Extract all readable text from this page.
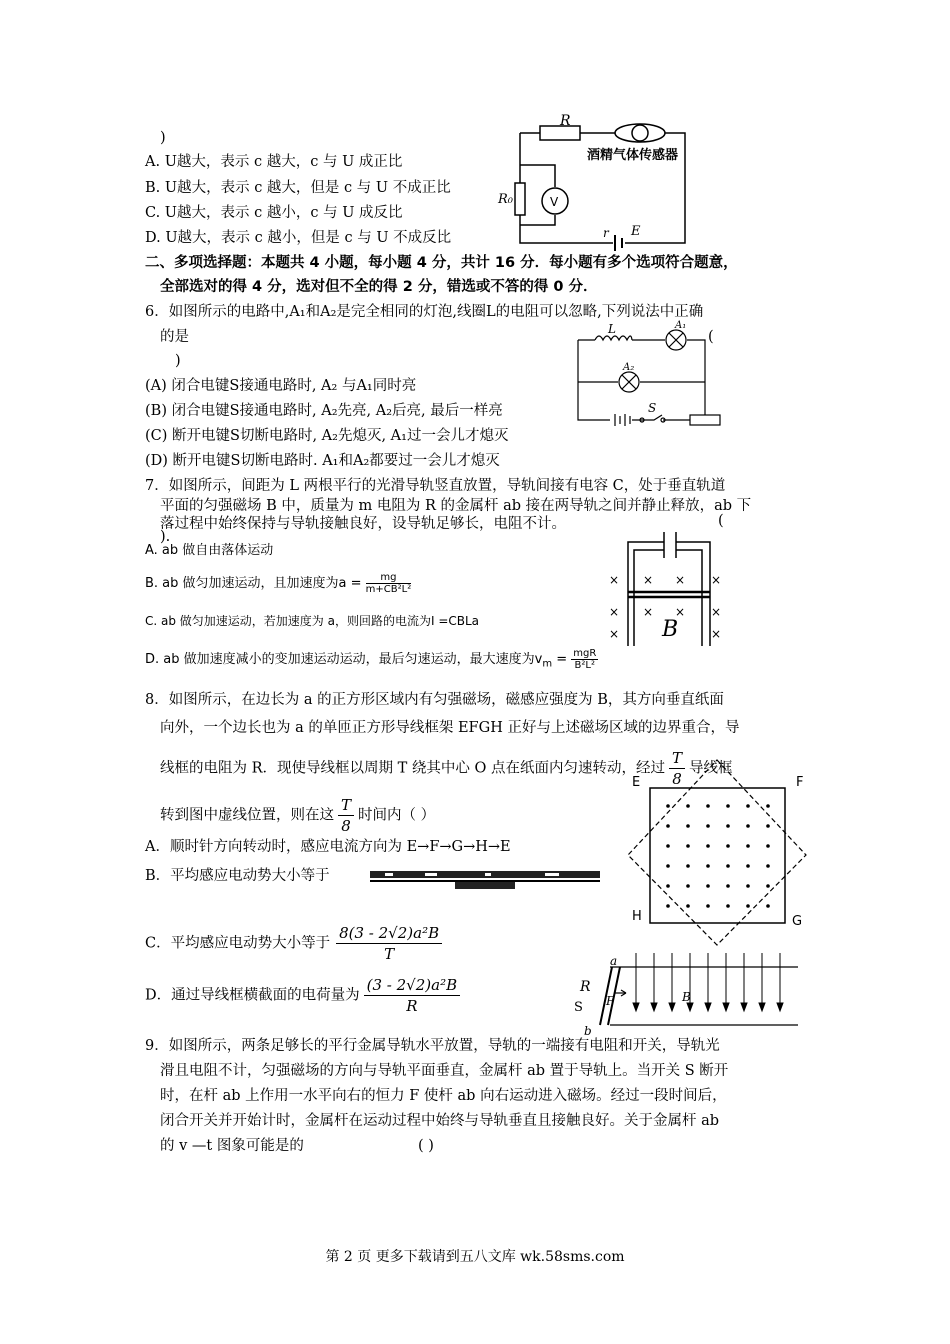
)
A. U越大，表示 c 越大，c 与 U 成正比
B. U越大，表示 c 越大，但是 c 与 U 不成正比
C. U越大，表示 c 越小，c 与 U 成反比
D. U越大，表示 c 越小，但是 c 与 U 不成反比
R
酒精气体传感器
R₀	V
r E
二、多项选择题：本题共 4 小题，每小题 4 分，共计 16 分．每小题有多个选项符合题意，
全部选对的得 4 分，选对但不全的得 2 分，错选或不答的得 0 分．
6．如图所示的电路中,A₁和A₂是完全相同的灯泡,线圈L的电阻可以忽略,下列说法中正确
的是	(
)
(A) 闭合电键S接通电路时, A₂ 与A₁同时亮
(B) 闭合电键S接通电路时, A₂先亮, A₂后亮, 最后一样亮
(C) 断开电键S切断电路时, A₂先熄灭, A₁过一会儿才熄灭
(D) 断开电键S切断电路时. A₁和A₂都要过一会儿才熄灭
L	A₁
A₂
S
7．如图所示，间距为 L 两根平行的光滑导轨竖直放置，导轨间接有电容 C，处于垂直轨道
平面的匀强磁场 B 中，质量为 m 电阻为 R 的金属杆 ab 接在两导轨之间并静止释放，ab 下
落过程中始终保持与导轨接触良好，设导轨足够长，电阻不计。	(
).
A. ab 做自由落体运动
B. ab 做匀加速运动，且加速度为$a = \frac{mg}{\text{m+CB²L²}}$
C. ab 做匀加速运动，若加速度为 a，则回路的电流为I =CBLa
D. ab 做加速度减小的变加速运动运动，最后匀速运动，最大速度为$v_m = \frac{\text{mgR}}{\text{B²L²}}$
× × × ×
× × × ×
×	×
B
8．如图所示，在边长为 a 的正方形区域内有匀强磁场，磁感应强度为 B，其方向垂直纸面
向外，一个边长也为 a 的单匝正方形导线框架 EFGH 正好与上述磁场区域的边界重合，导
线框的电阻为 R．现使导线框以周期 T 绕其中心 O 点在纸面内匀速转动，经过 $\frac{T}{8}$ 导线框
转到图中虚线位置，则在这 $\frac{T}{8}$ 时间内（ ）
A．顺时针方向转动时，感应电流方向为 E→F→G→H→E
B．平均感应电动势大小等于
C．平均感应电动势大小等于 $\frac{\text{8(3 - 2√2)a²B}}{T}$
D．通过导线框横截面的电荷量为 $\frac{\text{(3 - 2√2)a²B}}{R}$
E	F
H	G
a
b
R
S F	B
9．如图所示，两条足够长的平行金属导轨水平放置，导轨的一端接有电阻和开关，导轨光
滑且电阻不计，匀强磁场的方向与导轨平面垂直，金属杆 ab 置于导轨上。当开关 S 断开
时，在杆 ab 上作用一水平向右的恒力 F 使杆 ab 向右运动进入磁场。经过一段时间后，
闭合开关并开始计时，金属杆在运动过程中始终与导轨垂直且接触良好。关于金属杆 ab
的 v —t 图象可能是的	( )
第 2 页 更多下载请到五八文库 wk.58sms.com
